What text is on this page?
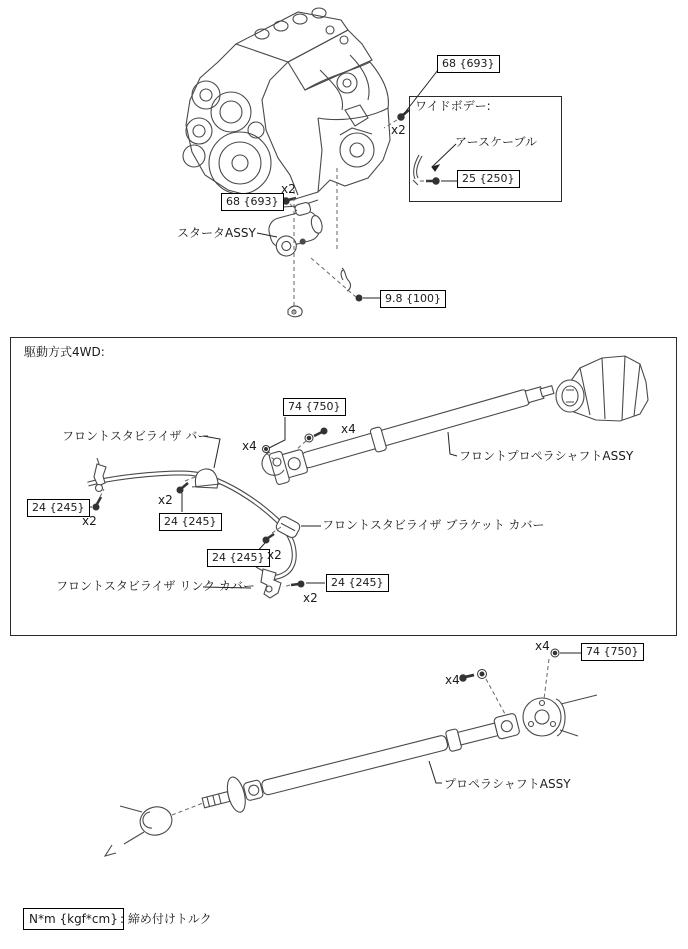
68 {693}
x2
ワイドボデー:
アースケーブル
25 {250}
68 {693}
x2
スタータASSY
9.8 {100}
駆動方式4WD:
74 {750}
x4
x4
フロントプロペラシャフトASSY
フロントスタビライザ バー
24 {245}
x2
x2
24 {245}	フロントスタビライザ ブラケット カバー
24 {245} x2
フロントスタビライザ リンク カバー	24 {245}
x2
x4	74 {750}
x4
プロペラシャフトASSY
N*m {kgf*cm} : 締め付けトルク
